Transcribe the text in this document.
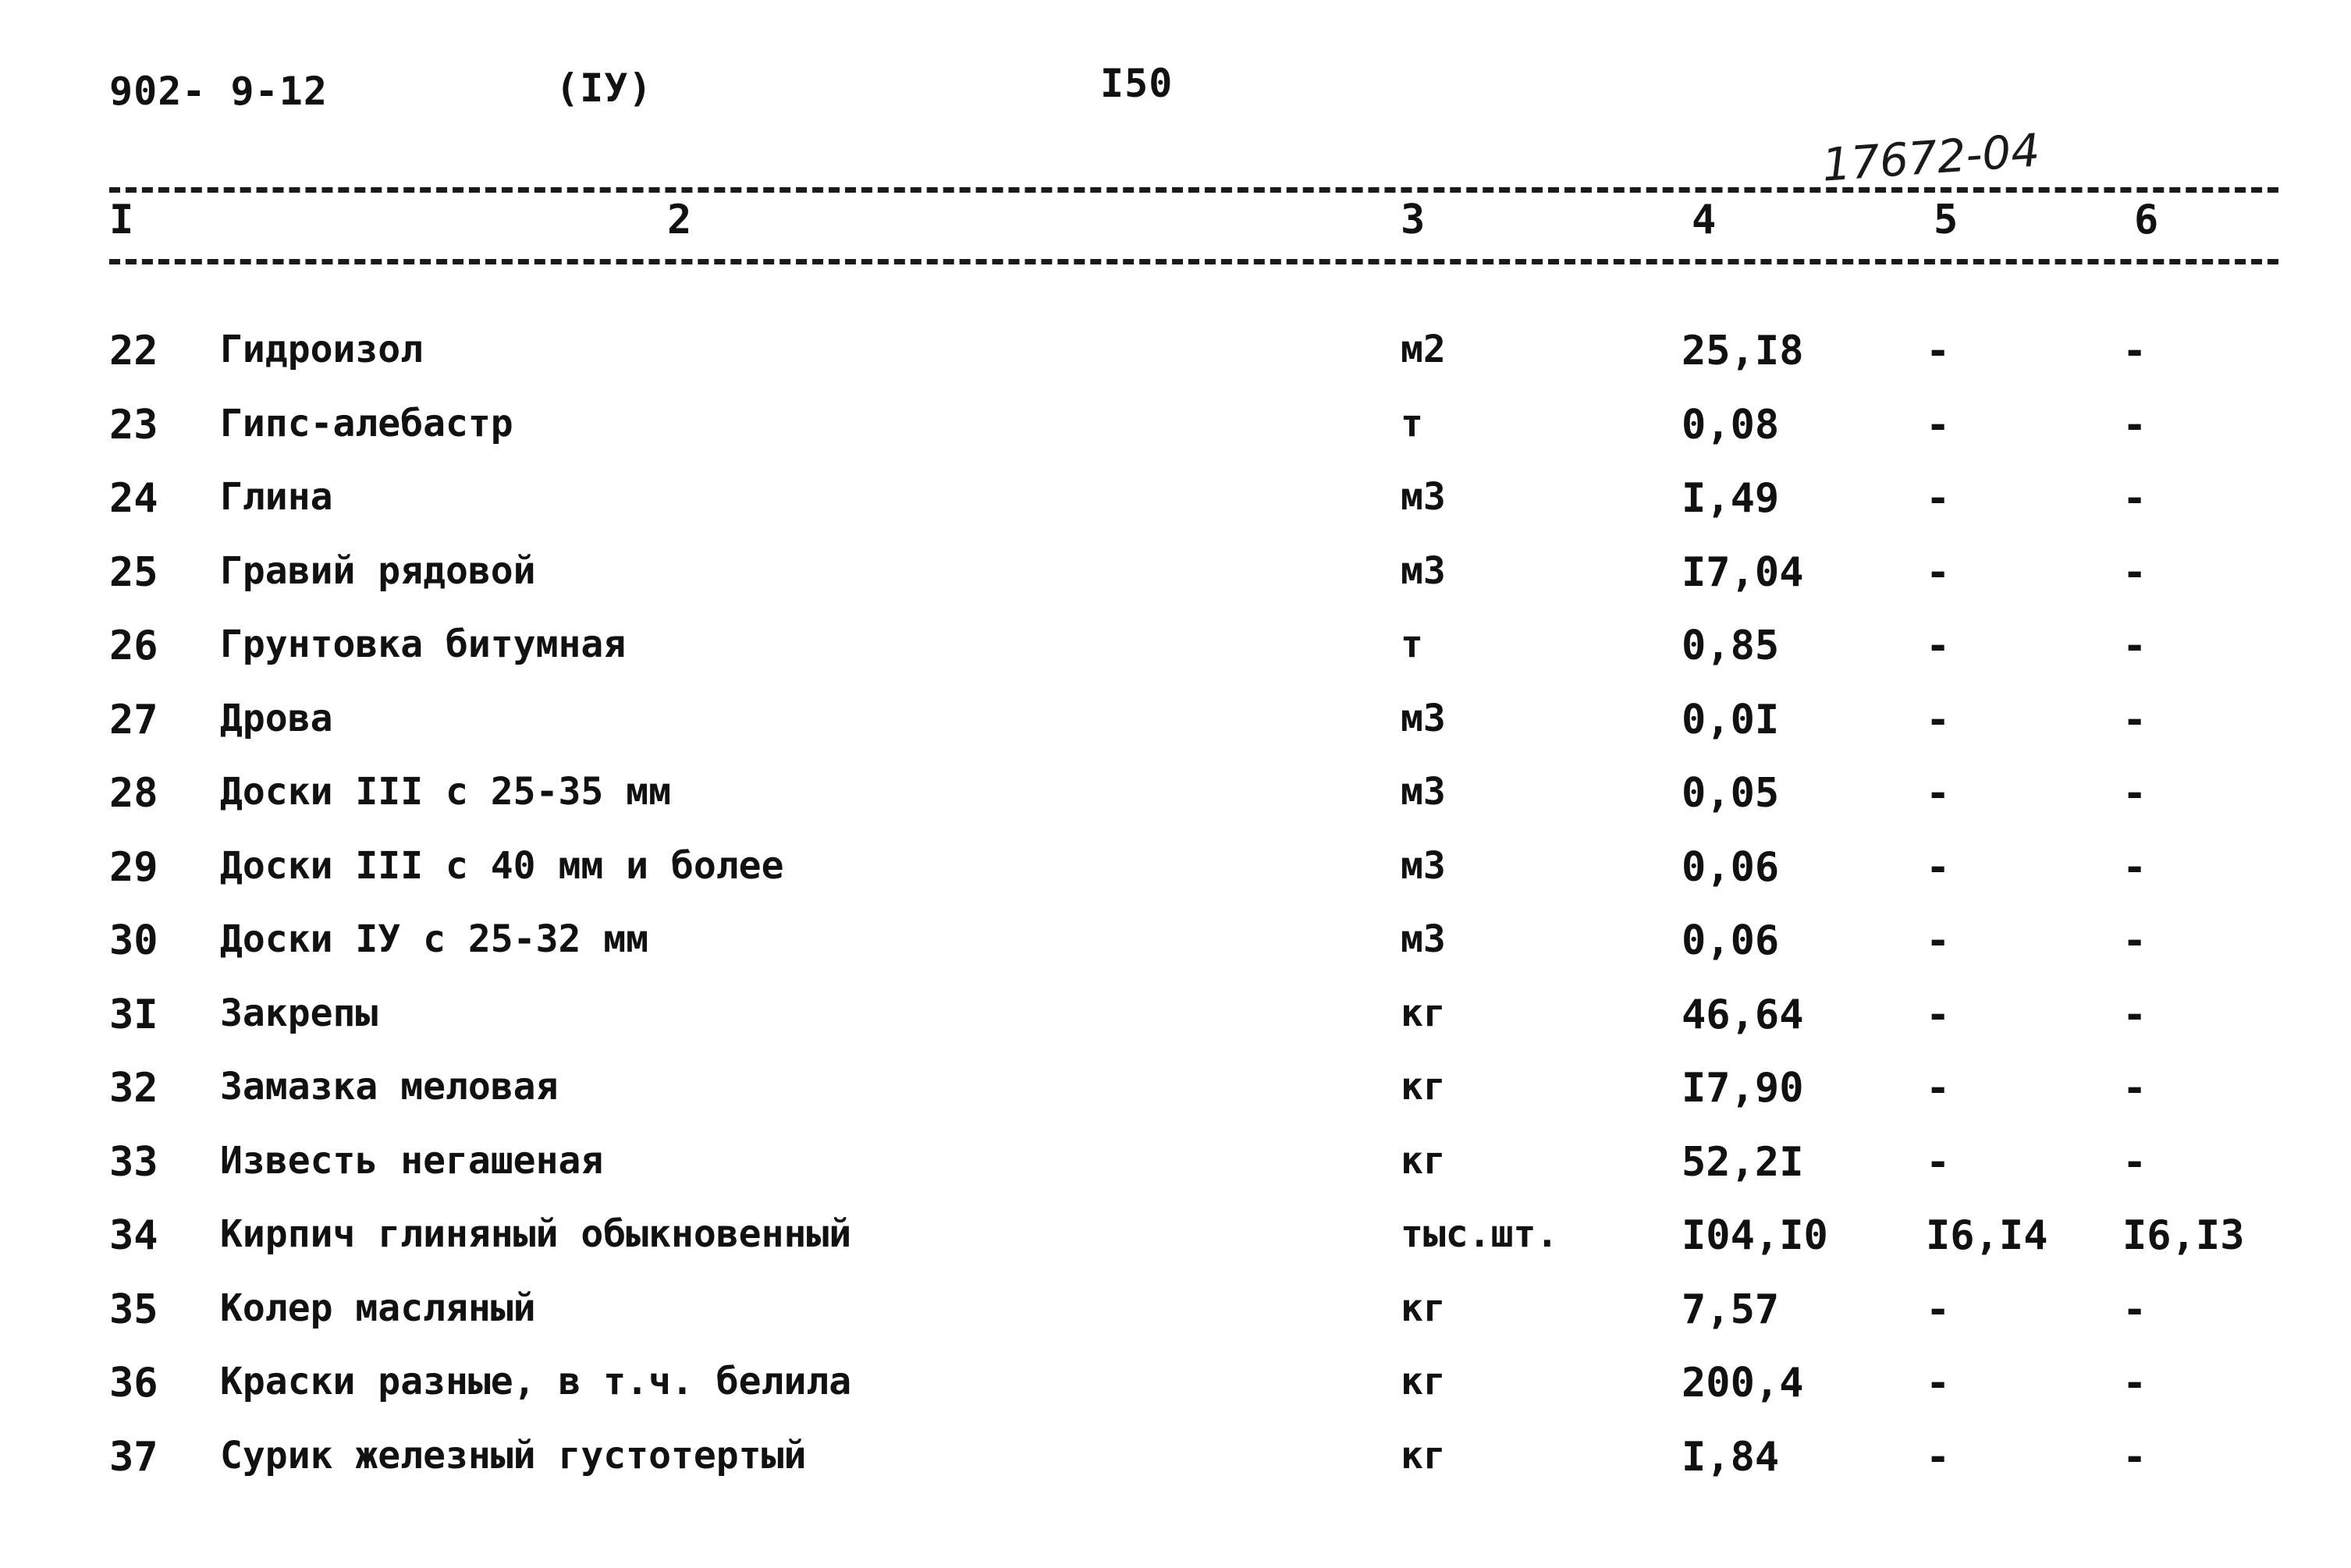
902- 9-12	(IУ)	I50
17672-04
I	2	3	4	5	6
22 Гидроизол	м2	25,I8	-	-
23 Гипс-алебастр	т	0,08	-	-
24 Глина	м3	I,49	-	-
25 Гравий рядовой	м3	I7,04	-	-
26 Грунтовка битумная	т	0,85	-	-
27 Дрова	м3	0,0I	-	-
28 Доски III с 25-35 мм	м3	0,05	-	-
29 Доски III с 40 мм и более	м3	0,06	-	-
30 Доски IУ с 25-32 мм	м3	0,06	-	-
3I Закрепы	кг	46,64	-	-
32 Замазка меловая	кг	I7,90	-	-
33 Известь негашеная	кг	52,2I	-	-
34 Кирпич глиняный обыкновенный	тыс.шт.	I04,I0 I6,I4 I6,I3
35 Колер масляный	кг	7,57	-	-
36 Краски разные, в т.ч. белила	кг	200,4	-	-
37 Сурик железный густотертый	кг	I,84	-	-
